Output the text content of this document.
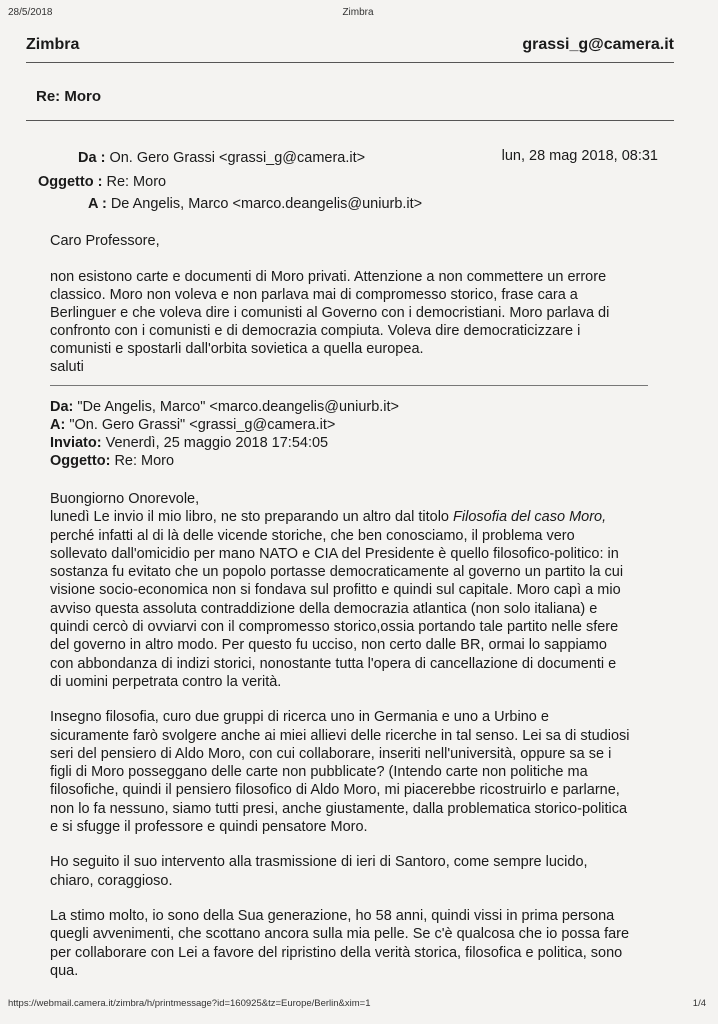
28/5/2018	Zimbra
Zimbra	grassi_g@camera.it
Re: Moro
Da : On. Gero Grassi <grassi_g@camera.it>	lun, 28 mag 2018, 08:31
Oggetto : Re: Moro
A : De Angelis, Marco <marco.deangelis@uniurb.it>

Caro Professore,

non esistono carte e documenti di Moro privati. Attenzione a non commettere un errore
classico. Moro non voleva e non parlava mai di compromesso storico, frase cara a
Berlinguer e che voleva dire i comunisti al Governo con i democristiani. Moro parlava di
confronto con i comunisti e di democrazia compiuta. Voleva dire democraticizzare i
comunisti e spostarli dall'orbita sovietica a quella europea.
saluti
Da: "De Angelis, Marco" <marco.deangelis@uniurb.it>
A: "On. Gero Grassi" <grassi_g@camera.it>
Inviato: Venerdì, 25 maggio 2018 17:54:05
Oggetto: Re: Moro

Buongiorno Onorevole,
lunedì Le invio il mio libro, ne sto preparando un altro dal titolo Filosofia del caso Moro,
perché infatti al di là delle vicende storiche, che ben conosciamo, il problema vero
sollevato dall'omicidio per mano NATO e CIA del Presidente è quello filosofico-politico: in
sostanza fu evitato che un popolo portasse democraticamente al governo un partito la cui
visione socio-economica non si fondava sul profitto e quindi sul capitale. Moro capì a mio
avviso questa assoluta contraddizione della democrazia atlantica (non solo italiana) e
quindi cercò di ovviarvi con il compromesso storico,ossia portando tale partito nelle sfere
del governo in altro modo. Per questo fu ucciso, non certo dalle BR, ormai lo sappiamo
con abbondanza di indizi storici, nonostante tutta l'opera di cancellazione di documenti e
di uomini perpetrata contro la verità.

Insegno filosofia, curo due gruppi di ricerca uno in Germania e uno a Urbino e
sicuramente farò svolgere anche ai miei allievi delle ricerche in tal senso. Lei sa di studiosi
seri del pensiero di Aldo Moro, con cui collaborare, inseriti nell'università, oppure sa se i
figli di Moro posseggano delle carte non pubblicate? (Intendo carte non politiche ma
filosofiche, quindi il pensiero filosofico di Aldo Moro, mi piacerebbe ricostruirlo e parlarne,
non lo fa nessuno, siamo tutti presi, anche giustamente, dalla problematica storico-politica
e si sfugge il professore e quindi pensatore Moro.

Ho seguito il suo intervento alla trasmissione di ieri di Santoro, come sempre lucido,
chiaro, coraggioso.

La stimo molto, io sono della Sua generazione, ho 58 anni, quindi vissi in prima persona
quegli avvenimenti, che scottano ancora sulla mia pelle. Se c'è qualcosa che io possa fare
per collaborare con Lei a favore del ripristino della verità storica, filosofica e politica, sono
qua.

https://webmail.camera.it/zimbra/h/printmessage?id=160925&tz=Europe/Berlin&xim=1	1/4
